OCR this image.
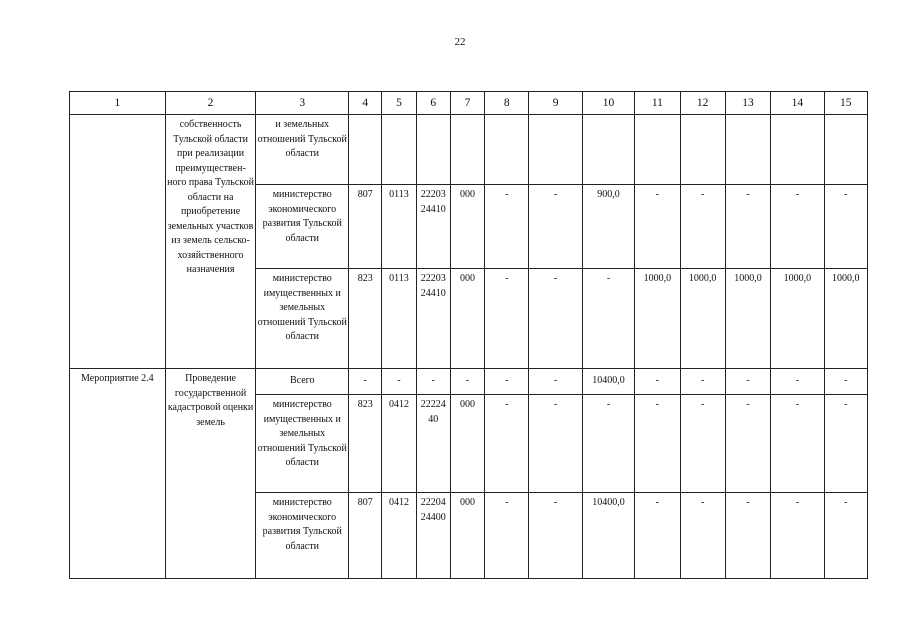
22
1	2	3	4	5	6	7	8	9	10	11	12	13	14	15
	собственность Тульской области при реализации преимуществен-ного права Тульской области на приобретение земельных участков из земель сельско-хозяйственного назначения	и земельных отношений Тульской области												
		министерство экономического развития Тульской области	807	0113	22203 24410	000	-	-	900,0	-	-	-	-	-
		министерство имущественных и земельных отношений Тульской области	823	0113	22203 24410	000	-	-	-	1000,0	1000,0	1000,0	1000,0	1000,0
Мероприятие 2.4	Проведение государственной кадастровой оценки земель	Всего	-	-	-	-	-	-	10400,0	-	-	-	-	-
		министерство имущественных и земельных отношений Тульской области	823	0412	22224 40	000	-	-	-	-	-	-	-	-
		министерство экономического развития Тульской области	807	0412	22204 24400	000	-	-	10400,0	-	-	-	-	-
